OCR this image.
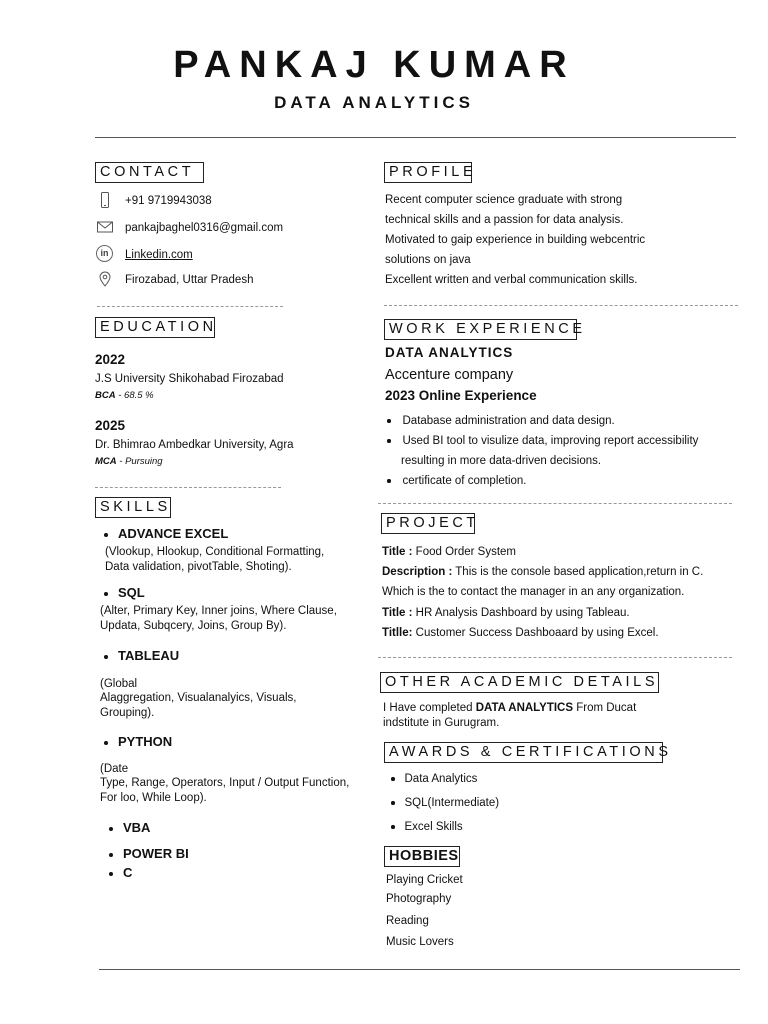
PANKAJ KUMAR
DATA ANALYTICS
CONTACT
+91 9719943038
pankajbaghel0316@gmail.com
in	Linkedin.com
Firozabad, Uttar Pradesh
EDUCATION
2022
J.S University Shikohabad Firozabad
BCA - 68.5 %
2025
Dr. Bhimrao Ambedkar University, Agra
MCA - Pursuing
SKILLS
ADVANCE EXCEL
(Vlookup, Hlookup, Conditional Formatting,
Data validation, pivotTable, Shoting).
SQL
(Alter, Primary Key, Inner joins, Where Clause,
Updata, Subqcery, Joins, Group By).
TABLEAU
(Global
Alaggregation, Visualanalyics, Visuals,
Grouping).
PYTHON
(Date
Type, Range, Operators, Input / Output Function,
For loo, While Loop).
VBA
POWER BI
C
PROFILE
Recent computer science graduate with strong
technical skills and a passion for data analysis.
Motivated to gaip experience in building webcentric
solutions on java
Excellent written and verbal communication skills.
WORK EXPERIENCE
DATA ANALYTICS
Accenture company
2023 Online Experience
Database administration and data design.
Used BI tool to visulize data, improving report accessibility
resulting in more data-driven decisions.
certificate of completion.
PROJECT
Title : Food Order System
Description : This is the console based application,return in C.
Which is the to contact the manager in an any organization.
Title : HR Analysis Dashboard by using Tableau.
Titlle: Customer Success Dashboaard by using Excel.
OTHER ACADEMIC DETAILS
I Have completed DATA ANALYTICS From Ducat
indstitute in Gurugram.
AWARDS & CERTIFICATIONS
Data Analytics
SQL(Intermediate)
Excel Skills
HOBBIES
Playing Cricket
Photography
Reading
Music Lovers
